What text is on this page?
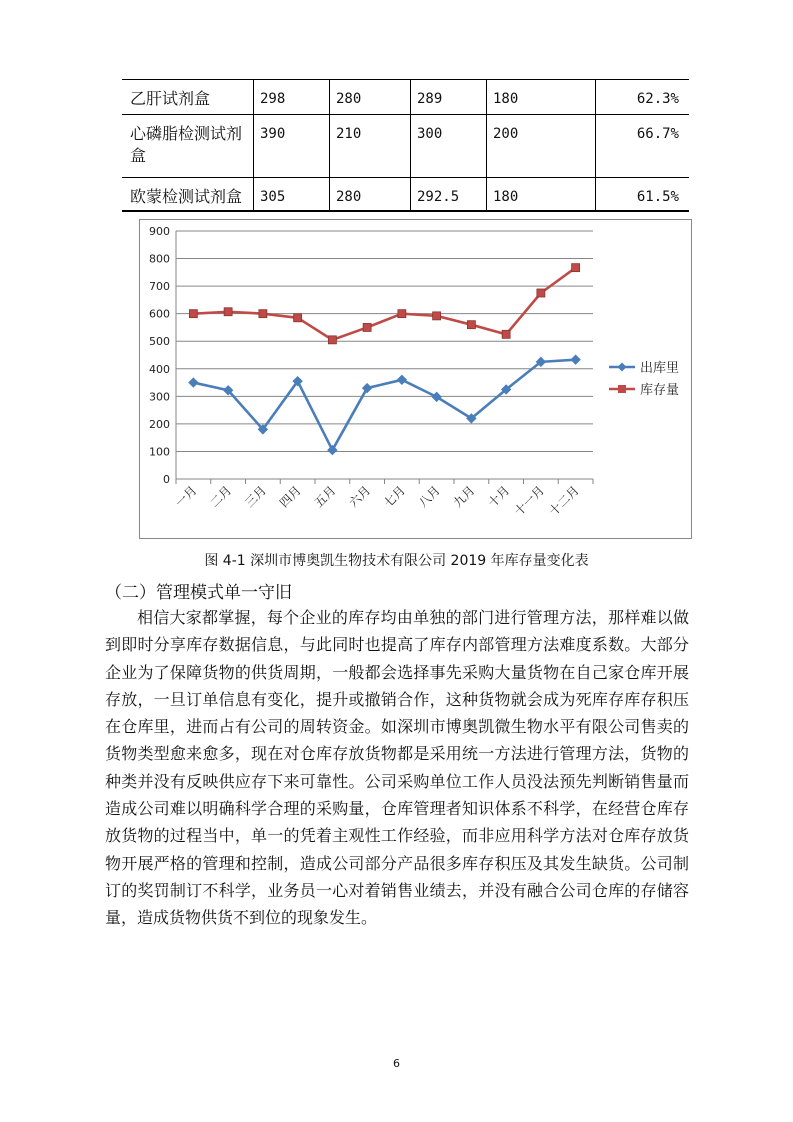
乙肝试剂盒	298	280	289	180	62.3%
心磷脂检测试剂盒	390	210	300	200	66.7%
欧蒙检测试剂盒	305	280	292.5	180	61.5%
0
100
200
300
400
500
600
700
800
900
一月 二月 三月 四月 五月 六月 七月 八月 九月 十月 十一月 十二月
出库里
库存量
图 4-1 深圳市博奥凯生物技术有限公司 2019 年库存量变化表
（二）管理模式单一守旧

相信大家都掌握，每个企业的库存均由单独的部门进行管理方法，那样难以做到即时分享库存数据信息，与此同时也提高了库存内部管理方法难度系数。大部分企业为了保障货物的供货周期，一般都会选择事先采购大量货物在自己家仓库开展存放，一旦订单信息有变化，提升或撤销合作，这种货物就会成为死库存库存积压在仓库里，进而占有公司的周转资金。如深圳市博奥凯微生物水平有限公司售卖的货物类型愈来愈多，现在对仓库存放货物都是采用统一方法进行管理方法，货物的种类并没有反映供应存下来可靠性。公司采购单位工作人员没法预先判断销售量而造成公司难以明确科学合理的采购量，仓库管理者知识体系不科学，在经营仓库存放货物的过程当中，单一的凭着主观性工作经验，而非应用科学方法对仓库存放货物开展严格的管理和控制，造成公司部分产品很多库存积压及其发生缺货。公司制订的奖罚制订不科学，业务员一心对着销售业绩去，并没有融合公司仓库的存储容量，造成货物供货不到位的现象发生。

6
